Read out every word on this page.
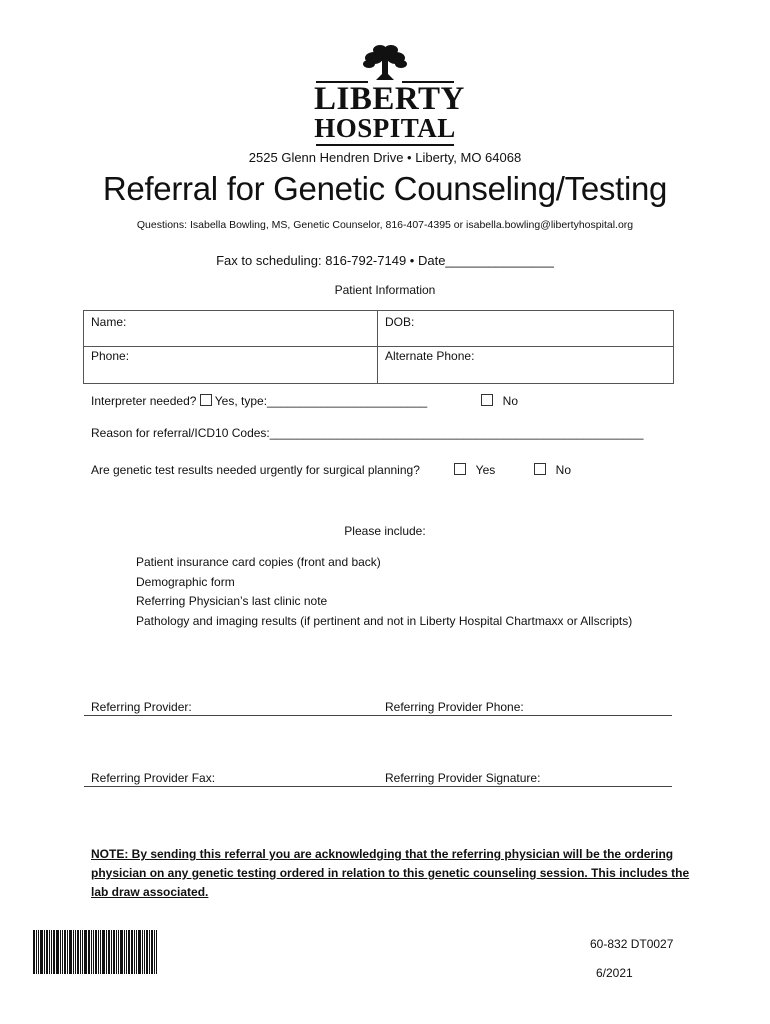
LIBERTY
HOSPITAL
2525 Glenn Hendren Drive • Liberty, MO 64068
Referral for Genetic Counseling/Testing
Questions: Isabella Bowling, MS, Genetic Counselor, 816-407-4395 or isabella.bowling@libertyhospital.org
Fax to scheduling: 816-792-7149 • Date_______________
Patient Information
Name:	DOB:
Phone:	Alternate Phone:
Interpreter needed? Yes, type:________________________	No
Reason for referral/ICD10 Codes:________________________________________________________
Are genetic test results needed urgently for surgical planning?	Yes	No
Please include:
Patient insurance card copies (front and back)
Demographic form
Referring Physician’s last clinic note
Pathology and imaging results (if pertinent and not in Liberty Hospital Chartmaxx or Allscripts)
Referring Provider:	Referring Provider Phone:
Referring Provider Fax:	Referring Provider Signature:
NOTE: By sending this referral you are acknowledging that the referring physician will be the ordering physician on any genetic testing ordered in relation to this genetic counseling session. This includes the lab draw associated.
60-832 DT0027
6/2021
